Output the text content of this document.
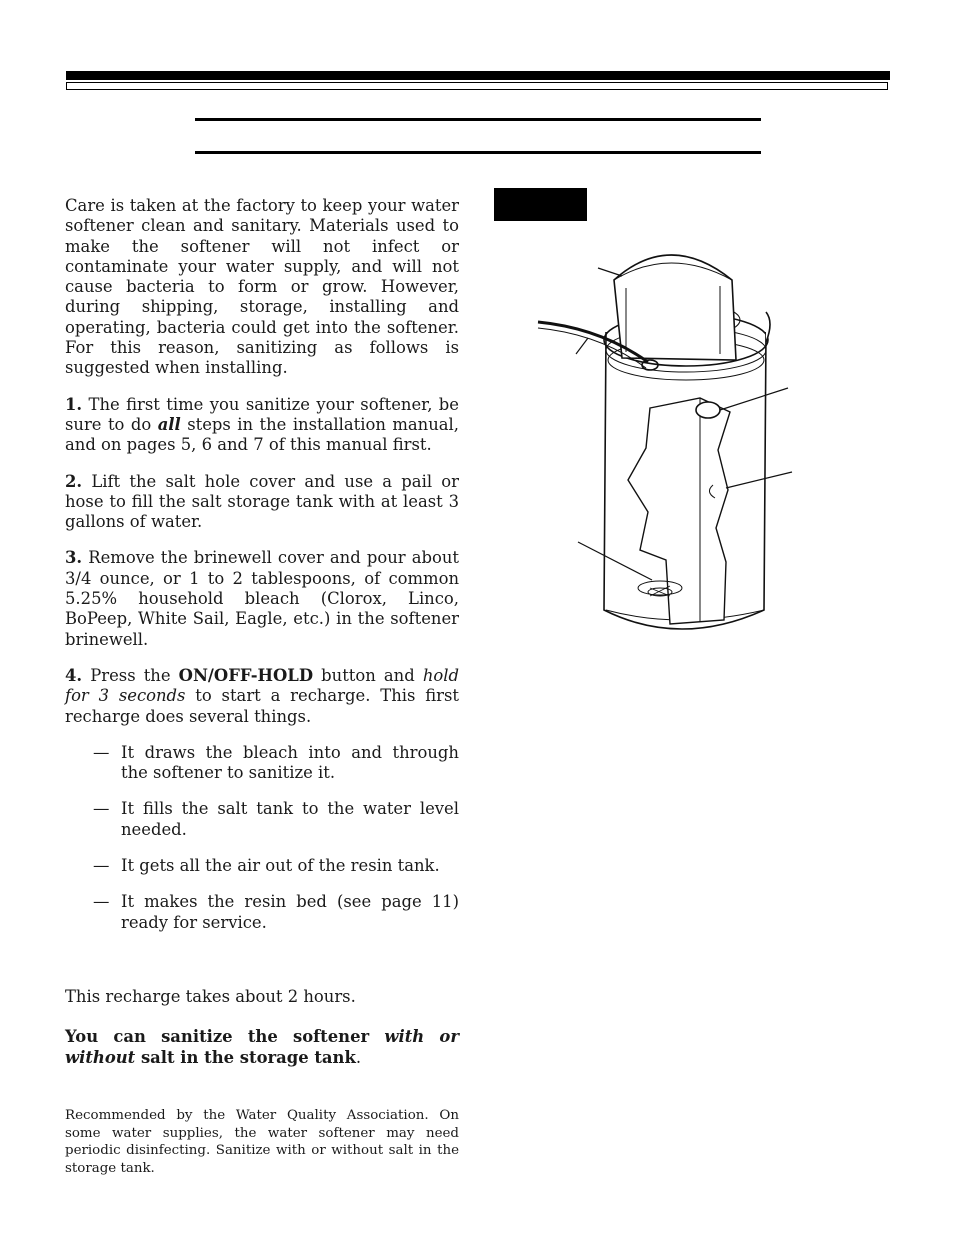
Care is taken at the factory to keep your water softener clean and sanitary. Materials used to make the softener will not infect or contaminate your water supply, and will not cause bacteria to form or grow. However, during shipping, storage, installing and operating, bacteria could get into the softener. For this reason, sanitizing as follows is suggested when installing.

1. The first time you sanitize your softener, be sure to do all steps in the installation manual, and on pages 5, 6 and 7 of this manual first.

2. Lift the salt hole cover and use a pail or hose to fill the salt storage tank with at least 3 gallons of water.

3. Remove the brinewell cover and pour about 3/4 ounce, or 1 to 2 tablespoons, of common 5.25% household bleach (Clorox, Linco, BoPeep, White Sail, Eagle, etc.) in the softener brinewell.

4. Press the ON/OFF-HOLD button and hold for 3 seconds to start a recharge. This first recharge does several things.

— It draws the bleach into and through the softener to sanitize it.
— It fills the salt tank to the water level needed.
— It gets all the air out of the resin tank.
— It makes the resin bed (see page 11) ready for service.

This recharge takes about 2 hours.

You can sanitize the softener with or without salt in the storage tank.

Recommended by the Water Quality Association. On some water supplies, the water softener may need periodic disinfecting. Sanitize with or without salt in the storage tank.
